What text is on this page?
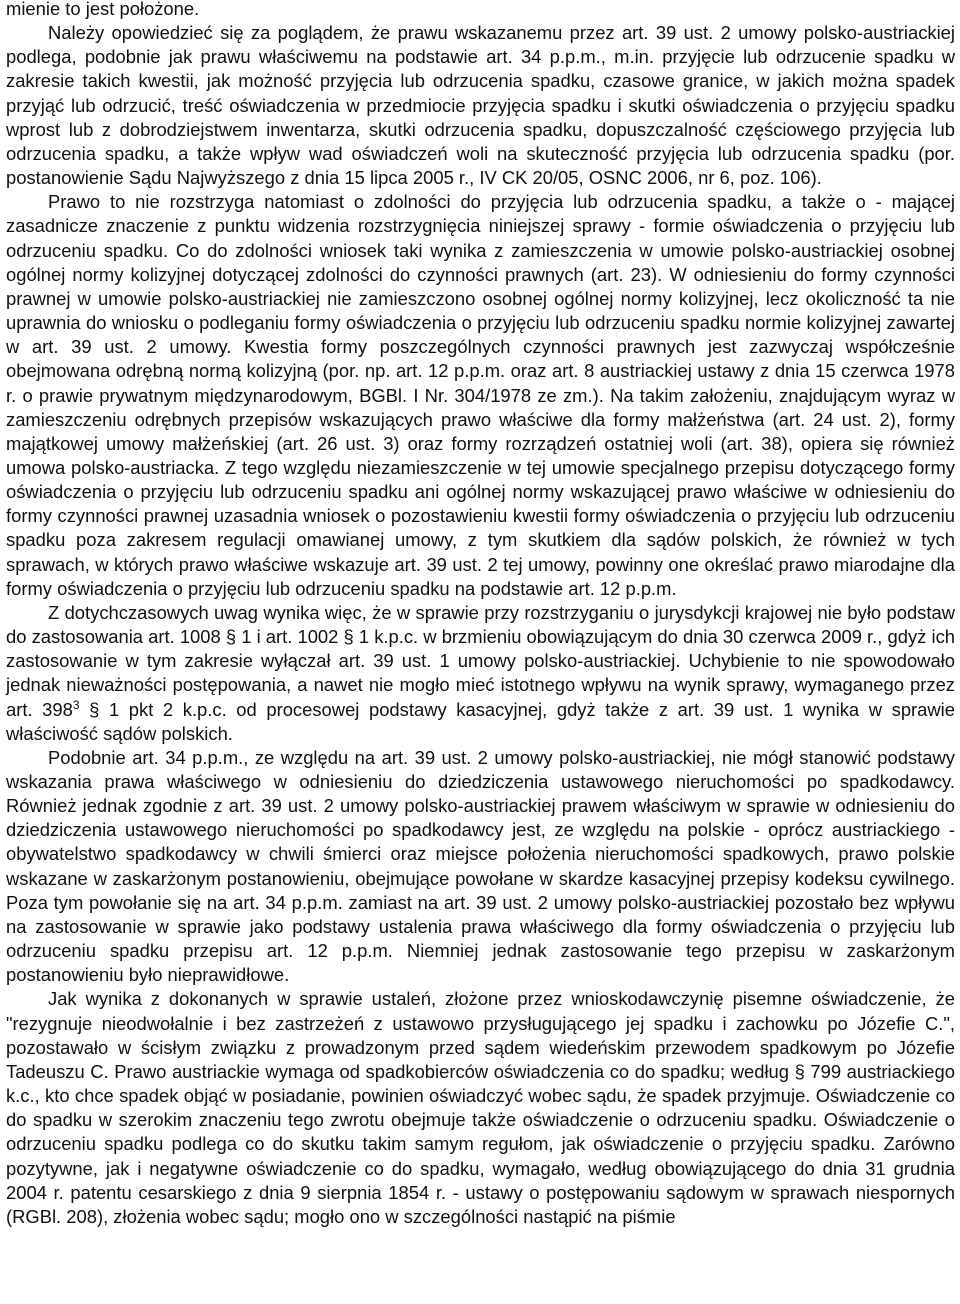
mienie to jest położone.

Należy opowiedzieć się za poglądem, że prawu wskazanemu przez art. 39 ust. 2 umowy polsko-austriackiej podlega, podobnie jak prawu właściwemu na podstawie art. 34 p.p.m., m.in. przyjęcie lub odrzucenie spadku w zakresie takich kwestii, jak możność przyjęcia lub odrzucenia spadku, czasowe granice, w jakich można spadek przyjąć lub odrzucić, treść oświadczenia w przedmiocie przyjęcia spadku i skutki oświadczenia o przyjęciu spadku wprost lub z dobrodziejstwem inwentarza, skutki odrzucenia spadku, dopuszczalność częściowego przyjęcia lub odrzucenia spadku, a także wpływ wad oświadczeń woli na skuteczność przyjęcia lub odrzucenia spadku (por. postanowienie Sądu Najwyższego z dnia 15 lipca 2005 r., IV CK 20/05, OSNC 2006, nr 6, poz. 106).

Prawo to nie rozstrzyga natomiast o zdolności do przyjęcia lub odrzucenia spadku, a także o - mającej zasadnicze znaczenie z punktu widzenia rozstrzygnięcia niniejszej sprawy - formie oświadczenia o przyjęciu lub odrzuceniu spadku. Co do zdolności wniosek taki wynika z zamieszczenia w umowie polsko-austriackiej osobnej ogólnej normy kolizyjnej dotyczącej zdolności do czynności prawnych (art. 23). W odniesieniu do formy czynności prawnej w umowie polsko-austriackiej nie zamieszczono osobnej ogólnej normy kolizyjnej, lecz okoliczność ta nie uprawnia do wniosku o podleganiu formy oświadczenia o przyjęciu lub odrzuceniu spadku normie kolizyjnej zawartej w art. 39 ust. 2 umowy. Kwestia formy poszczególnych czynności prawnych jest zazwyczaj współcześnie obejmowana odrębną normą kolizyjną (por. np. art. 12 p.p.m. oraz art. 8 austriackiej ustawy z dnia 15 czerwca 1978 r. o prawie prywatnym międzynarodowym, BGBl. I Nr. 304/1978 ze zm.). Na takim założeniu, znajdującym wyraz w zamieszczeniu odrębnych przepisów wskazujących prawo właściwe dla formy małżeństwa (art. 24 ust. 2), formy majątkowej umowy małżeńskiej (art. 26 ust. 3) oraz formy rozrządzeń ostatniej woli (art. 38), opiera się również umowa polsko-austriacka. Z tego względu niezamieszczenie w tej umowie specjalnego przepisu dotyczącego formy oświadczenia o przyjęciu lub odrzuceniu spadku ani ogólnej normy wskazującej prawo właściwe w odniesieniu do formy czynności prawnej uzasadnia wniosek o pozostawieniu kwestii formy oświadczenia o przyjęciu lub odrzuceniu spadku poza zakresem regulacji omawianej umowy, z tym skutkiem dla sądów polskich, że również w tych sprawach, w których prawo właściwe wskazuje art. 39 ust. 2 tej umowy, powinny one określać prawo miarodajne dla formy oświadczenia o przyjęciu lub odrzuceniu spadku na podstawie art. 12 p.p.m.

Z dotychczasowych uwag wynika więc, że w sprawie przy rozstrzyganiu o jurysdykcji krajowej nie było podstaw do zastosowania art. 1008 § 1 i art. 1002 § 1 k.p.c. w brzmieniu obowiązującym do dnia 30 czerwca 2009 r., gdyż ich zastosowanie w tym zakresie wyłączał art. 39 ust. 1 umowy polsko-austriackiej. Uchybienie to nie spowodowało jednak nieważności postępowania, a nawet nie mogło mieć istotnego wpływu na wynik sprawy, wymaganego przez art. $398^3$ § 1 pkt 2 k.p.c. od procesowej podstawy kasacyjnej, gdyż także z art. 39 ust. 1 wynika w sprawie właściwość sądów polskich.

Podobnie art. 34 p.p.m., ze względu na art. 39 ust. 2 umowy polsko-austriackiej, nie mógł stanowić podstawy wskazania prawa właściwego w odniesieniu do dziedziczenia ustawowego nieruchomości po spadkodawcy. Również jednak zgodnie z art. 39 ust. 2 umowy polsko-austriackiej prawem właściwym w sprawie w odniesieniu do dziedziczenia ustawowego nieruchomości po spadkodawcy jest, ze względu na polskie - oprócz austriackiego - obywatelstwo spadkodawcy w chwili śmierci oraz miejsce położenia nieruchomości spadkowych, prawo polskie wskazane w zaskarżonym postanowieniu, obejmujące powołane w skardze kasacyjnej przepisy kodeksu cywilnego. Poza tym powołanie się na art. 34 p.p.m. zamiast na art. 39 ust. 2 umowy polsko-austriackiej pozostało bez wpływu na zastosowanie w sprawie jako podstawy ustalenia prawa właściwego dla formy oświadczenia o przyjęciu lub odrzuceniu spadku przepisu art. 12 p.p.m. Niemniej jednak zastosowanie tego przepisu w zaskarżonym postanowieniu było nieprawidłowe.

Jak wynika z dokonanych w sprawie ustaleń, złożone przez wnioskodawczynię pisemne oświadczenie, że "rezygnuje nieodwołalnie i bez zastrzeżeń z ustawowo przysługującego jej spadku i zachowku po Józefie C.", pozostawało w ścisłym związku z prowadzonym przed sądem wiedeńskim przewodem spadkowym po Józefie Tadeuszu C. Prawo austriackie wymaga od spadkobierców oświadczenia co do spadku; według § 799 austriackiego k.c., kto chce spadek objąć w posiadanie, powinien oświadczyć wobec sądu, że spadek przyjmuje. Oświadczenie co do spadku w szerokim znaczeniu tego zwrotu obejmuje także oświadczenie o odrzuceniu spadku. Oświadczenie o odrzuceniu spadku podlega co do skutku takim samym regułom, jak oświadczenie o przyjęciu spadku. Zarówno pozytywne, jak i negatywne oświadczenie co do spadku, wymagało, według obowiązującego do dnia 31 grudnia 2004 r. patentu cesarskiego z dnia 9 sierpnia 1854 r. - ustawy o postępowaniu sądowym w sprawach niespornych (RGBl. 208), złożenia wobec sądu; mogło ono w szczególności nastąpić na piśmie
